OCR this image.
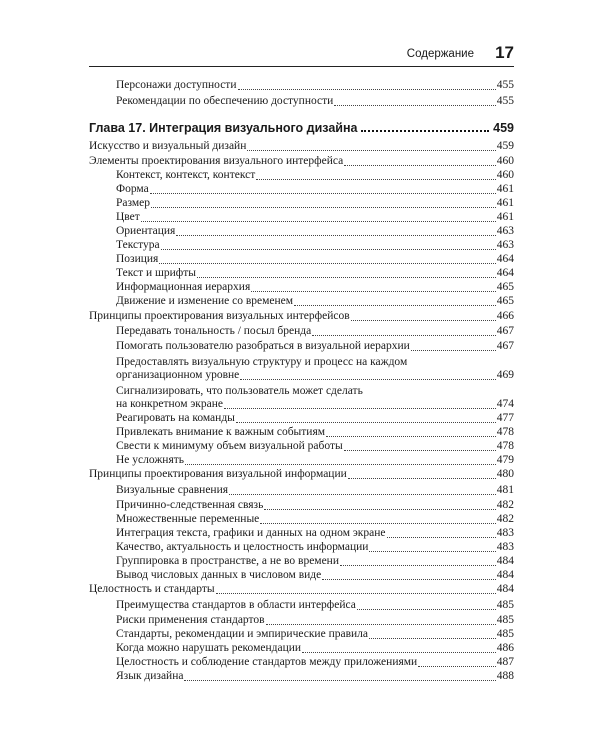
Содержание 17
Персонажи доступности	455
Рекомендации по обеспечению доступности	455
Глава 17. Интеграция визуального дизайна	459
Искусство и визуальный дизайн	459
Элементы проектирования визуального интерфейса	460
Контекст, контекст, контекст	460
Форма	461
Размер	461
Цвет	461
Ориентация	463
Текстура	463
Позиция	464
Текст и шрифты	464
Информационная иерархия	465
Движение и изменение со временем	465
Принципы проектирования визуальных интерфейсов	466
Передавать тональность / посыл бренда	467
Помогать пользователю разобраться в визуальной иерархии	467
Предоставлять визуальную структуру и процесс на каждом
организационном уровне	469
Сигнализировать, что пользователь может сделать
на конкретном экране	474
Реагировать на команды	477
Привлекать внимание к важным событиям	478
Свести к минимуму объем визуальной работы	478
Не усложнять	479
Принципы проектирования визуальной информации	480
Визуальные сравнения	481
Причинно-следственная связь	482
Множественные переменные	482
Интеграция текста, графики и данных на одном экране	483
Качество, актуальность и целостность информации	483
Группировка в пространстве, а не во времени	484
Вывод числовых данных в числовом виде	484
Целостность и стандарты	484
Преимущества стандартов в области интерфейса	485
Риски применения стандартов	485
Стандарты, рекомендации и эмпирические правила	485
Когда можно нарушать рекомендации	486
Целостность и соблюдение стандартов между приложениями	487
Язык дизайна	488
